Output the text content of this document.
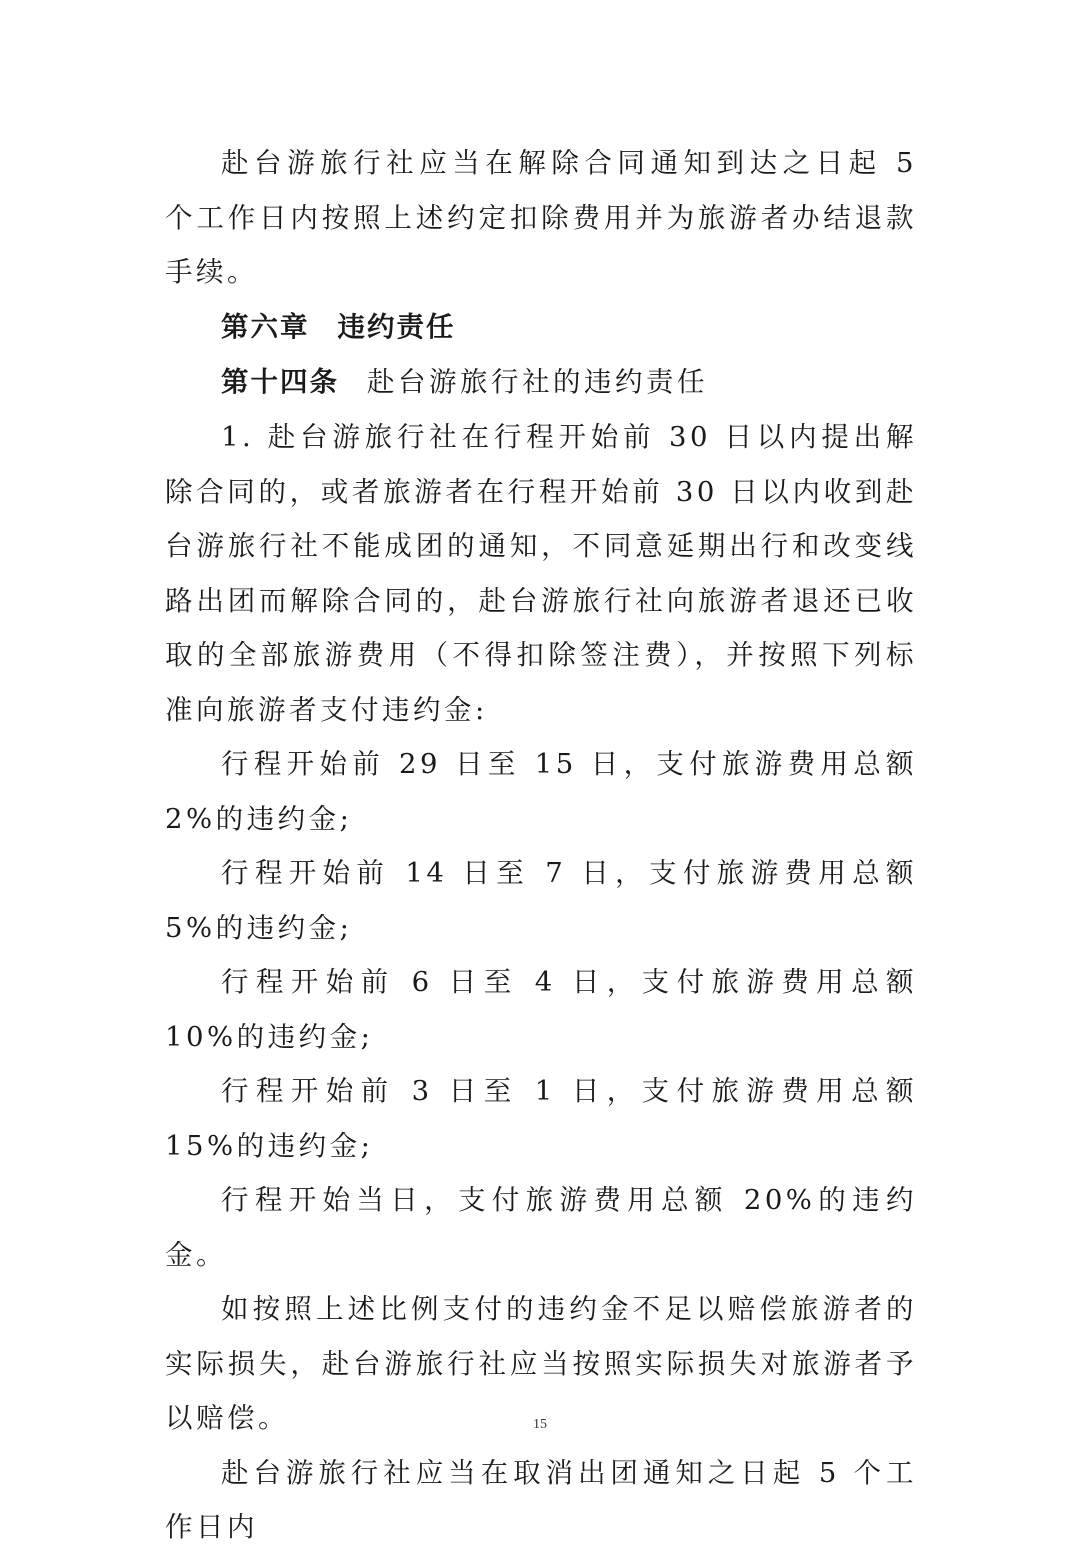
赴台游旅行社应当在解除合同通知到达之日起 5 个工作日内按照上述约定扣除费用并为旅游者办结退款手续。

第六章 违约责任

第十四条 赴台游旅行社的违约责任

1. 赴台游旅行社在行程开始前 30 日以内提出解除合同的，或者旅游者在行程开始前 30 日以内收到赴台游旅行社不能成团的通知，不同意延期出行和改变线路出团而解除合同的，赴台游旅行社向旅游者退还已收取的全部旅游费用（不得扣除签注费），并按照下列标准向旅游者支付违约金:

行程开始前 29 日至 15 日，支付旅游费用总额 2%的违约金;

行程开始前 14 日至 7 日，支付旅游费用总额 5%的违约金;

行程开始前 6 日至 4 日，支付旅游费用总额 10%的违约金;

行程开始前 3 日至 1 日，支付旅游费用总额 15%的违约金;

行程开始当日，支付旅游费用总额 20%的违约金。

如按照上述比例支付的违约金不足以赔偿旅游者的实际损失，赴台游旅行社应当按照实际损失对旅游者予以赔偿。

赴台游旅行社应当在取消出团通知之日起 5 个工作日内

15
